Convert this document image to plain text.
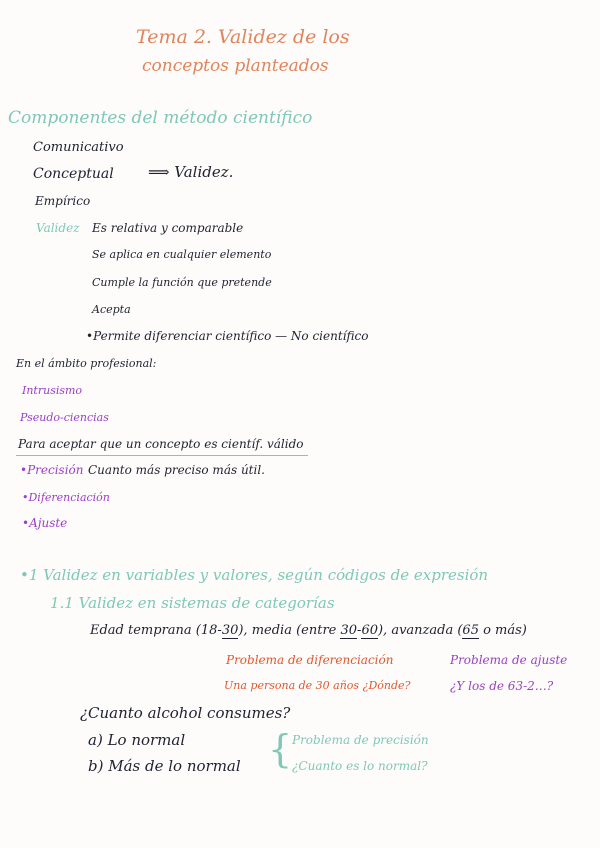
Tema 2. Validez de los
conceptos planteados
Componentes del método científico
Comunicativo
Conceptual ⟹ Validez.
Empírico
Validez Es relativa y comparable
Se aplica en cualquier elemento
Cumple la función que pretende
Acepta
•Permite diferenciar científico — No científico
En el ámbito profesional:
Intrusismo
Pseudo-ciencias
Para aceptar que un concepto es científ. válido
•Precisión Cuanto más preciso más útil.
•Diferenciación
•Ajuste
•1 Validez en variables y valores, según códigos de expresión
1.1 Validez en sistemas de categorías
Edad temprana (18-30), media (entre 30-60), avanzada (65 o más)
Problema de diferenciación
Una persona de 30 años ¿Dónde?
Problema de ajuste
¿Y los de 63-2…?
¿Cuanto alcohol consumes?
a) Lo normal
b) Más de lo normal { Problema de precisión
¿Cuanto es lo normal?
